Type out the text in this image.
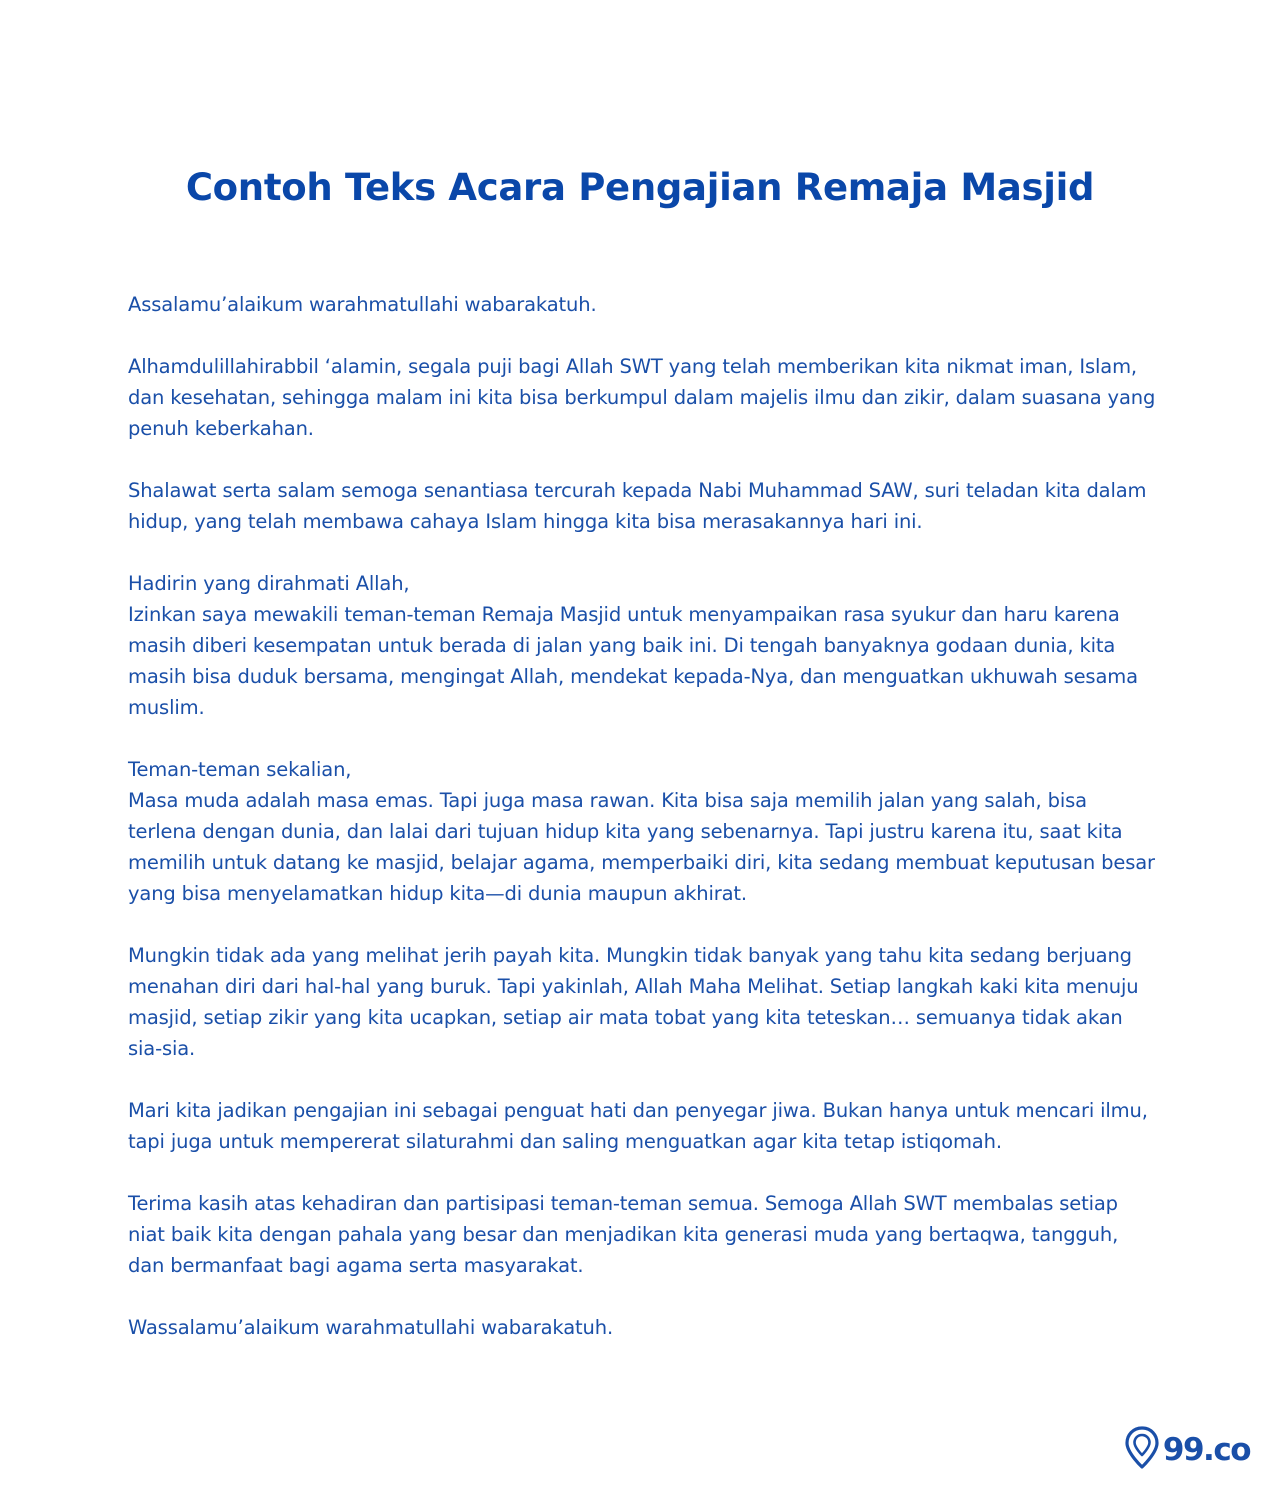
Contoh Teks Acara Pengajian Remaja Masjid

Assalamu’alaikum warahmatullahi wabarakatuh.

Alhamdulillahirabbil ‘alamin, segala puji bagi Allah SWT yang telah memberikan kita nikmat iman, Islam, dan kesehatan, sehingga malam ini kita bisa berkumpul dalam majelis ilmu dan zikir, dalam suasana yang penuh keberkahan.

Shalawat serta salam semoga senantiasa tercurah kepada Nabi Muhammad SAW, suri teladan kita dalam hidup, yang telah membawa cahaya Islam hingga kita bisa merasakannya hari ini.

Hadirin yang dirahmati Allah,
Izinkan saya mewakili teman-teman Remaja Masjid untuk menyampaikan rasa syukur dan haru karena masih diberi kesempatan untuk berada di jalan yang baik ini. Di tengah banyaknya godaan dunia, kita masih bisa duduk bersama, mengingat Allah, mendekat kepada-Nya, dan menguatkan ukhuwah sesama muslim.

Teman-teman sekalian,
Masa muda adalah masa emas. Tapi juga masa rawan. Kita bisa saja memilih jalan yang salah, bisa terlena dengan dunia, dan lalai dari tujuan hidup kita yang sebenarnya. Tapi justru karena itu, saat kita memilih untuk datang ke masjid, belajar agama, memperbaiki diri, kita sedang membuat keputusan besar yang bisa menyelamatkan hidup kita—di dunia maupun akhirat.

Mungkin tidak ada yang melihat jerih payah kita. Mungkin tidak banyak yang tahu kita sedang berjuang menahan diri dari hal-hal yang buruk. Tapi yakinlah, Allah Maha Melihat. Setiap langkah kaki kita menuju masjid, setiap zikir yang kita ucapkan, setiap air mata tobat yang kita teteskan… semuanya tidak akan sia-sia.

Mari kita jadikan pengajian ini sebagai penguat hati dan penyegar jiwa. Bukan hanya untuk mencari ilmu, tapi juga untuk mempererat silaturahmi dan saling menguatkan agar kita tetap istiqomah.

Terima kasih atas kehadiran dan partisipasi teman-teman semua. Semoga Allah SWT membalas setiap niat baik kita dengan pahala yang besar dan menjadikan kita generasi muda yang bertaqwa, tangguh, dan bermanfaat bagi agama serta masyarakat.

Wassalamu’alaikum warahmatullahi wabarakatuh.

99.co
